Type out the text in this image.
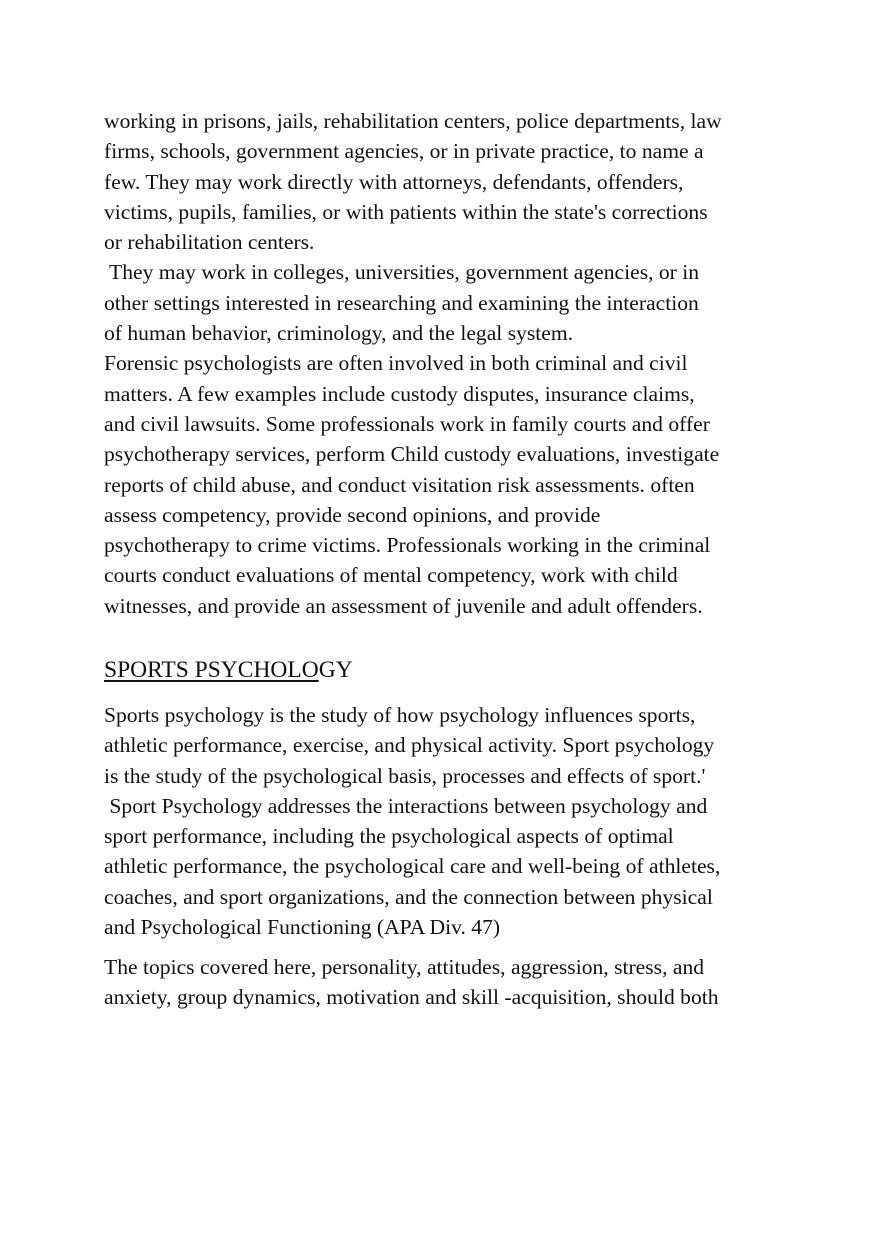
working in prisons, jails, rehabilitation centers, police departments, law
firms, schools, government agencies, or in private practice, to name a
few. They may work directly with attorneys, defendants, offenders,
victims, pupils, families, or with patients within the state's corrections
or rehabilitation centers.
They may work in colleges, universities, government agencies, or in
other settings interested in researching and examining the interaction
of human behavior, criminology, and the legal system.
Forensic psychologists are often involved in both criminal and civil
matters. A few examples include custody disputes, insurance claims,
and civil lawsuits. Some professionals work in family courts and offer
psychotherapy services, perform Child custody evaluations, investigate
reports of child abuse, and conduct visitation risk assessments. often
assess competency, provide second opinions, and provide
psychotherapy to crime victims. Professionals working in the criminal
courts conduct evaluations of mental competency, work with child
witnesses, and provide an assessment of juvenile and adult offenders.
SPORTS PSYCHOLOGY
Sports psychology is the study of how psychology influences sports,
athletic performance, exercise, and physical activity. Sport psychology
is the study of the psychological basis, processes and effects of sport.'
Sport Psychology addresses the interactions between psychology and
sport performance, including the psychological aspects of optimal
athletic performance, the psychological care and well-being of athletes,
coaches, and sport organizations, and the connection between physical
and Psychological Functioning (APA Div. 47)
The topics covered here, personality, attitudes, aggression, stress, and
anxiety, group dynamics, motivation and skill -acquisition, should both
